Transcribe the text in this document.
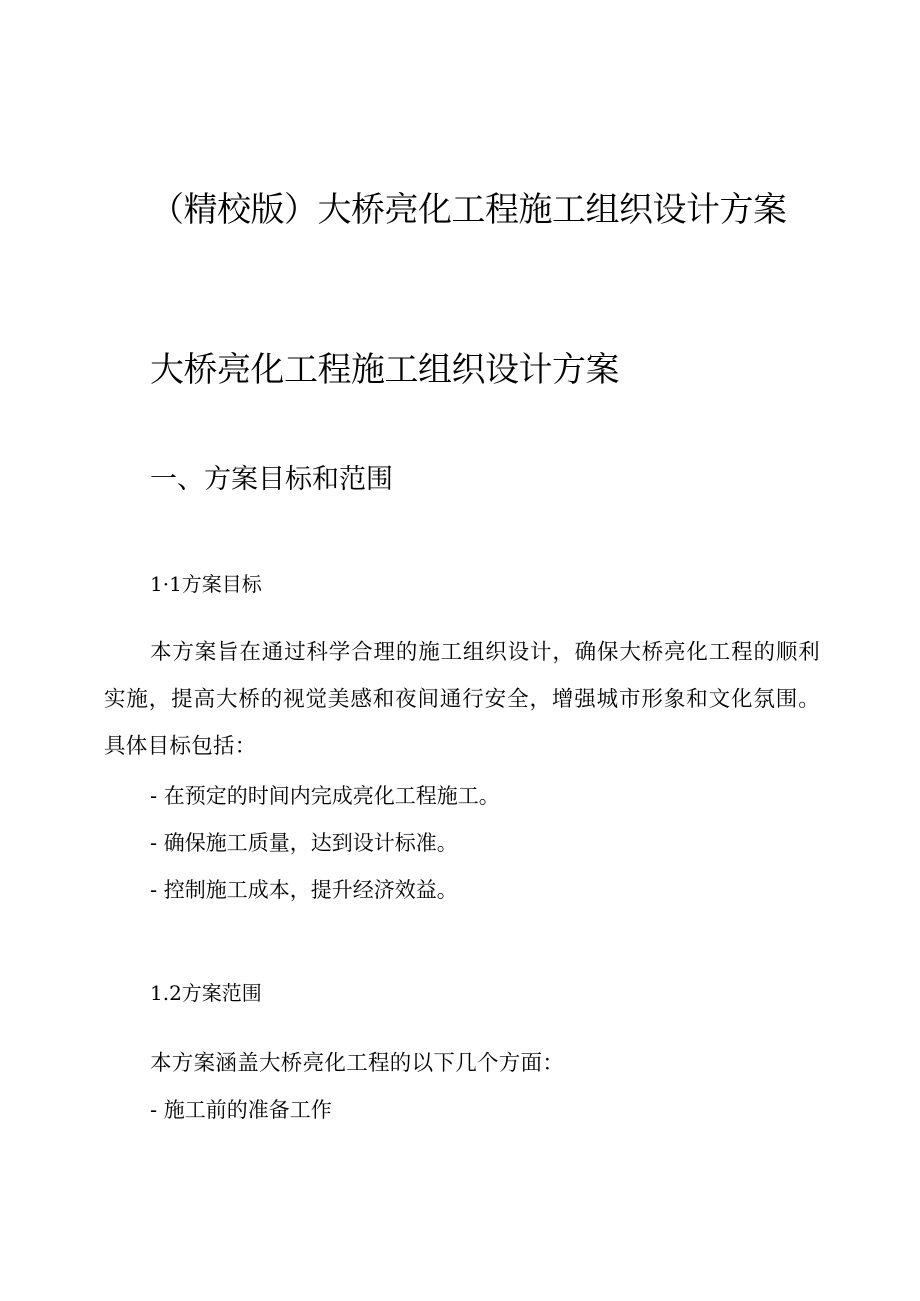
（精校版）大桥亮化工程施工组织设计方案
大桥亮化工程施工组织设计方案
一、方案目标和范围

1·1方案目标

本方案旨在通过科学合理的施工组织设计，确保大桥亮化工程的顺利实施，提高大桥的视觉美感和夜间通行安全，增强城市形象和文化氛围。具体目标包括：

- 在预定的时间内完成亮化工程施工。

- 确保施工质量，达到设计标准。

- 控制施工成本，提升经济效益。

1.2方案范围

本方案涵盖大桥亮化工程的以下几个方面：

- 施工前的准备工作
